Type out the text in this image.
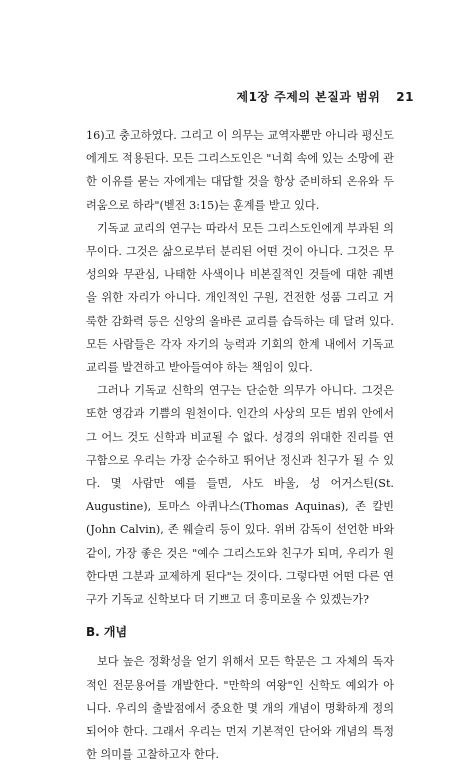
제1장 주제의 본질과 범위 21

16)고 충고하였다. 그리고 이 의무는 교역자뿐만 아니라 평신도에게도 적용된다. 모든 그리스도인은 "너희 속에 있는 소망에 관한 이유를 묻는 자에게는 대답할 것을 항상 준비하되 온유와 두려움으로 하라"(벧전 3:15)는 훈계를 받고 있다.

기독교 교리의 연구는 따라서 모든 그리스도인에게 부과된 의무이다. 그것은 삶으로부터 분리된 어떤 것이 아니다. 그것은 무성의와 무관심, 나태한 사색이나 비본질적인 것들에 대한 궤변을 위한 자리가 아니다. 개인적인 구원, 건전한 성품 그리고 거룩한 감화력 등은 신앙의 올바른 교리를 습득하는 데 달려 있다. 모든 사람들은 각자 자기의 능력과 기회의 한계 내에서 기독교 교리를 발견하고 받아들여야 하는 책임이 있다.

그러나 기독교 신학의 연구는 단순한 의무가 아니다. 그것은 또한 영감과 기쁨의 원천이다. 인간의 사상의 모든 범위 안에서 그 어느 것도 신학과 비교될 수 없다. 성경의 위대한 진리를 연구함으로 우리는 가장 순수하고 뛰어난 정신과 친구가 될 수 있다. 몇 사람만 예를 들면, 사도 바울, 성 어거스틴(St. Augustine), 토마스 아퀴나스(Thomas Aquinas), 존 칼빈(John Calvin), 존 웨슬리 등이 있다. 위버 감독이 선언한 바와 같이, 가장 좋은 것은 "예수 그리스도와 친구가 되며, 우리가 원한다면 그분과 교제하게 된다"는 것이다. 그렇다면 어떤 다른 연구가 기독교 신학보다 더 기쁘고 더 흥미로울 수 있겠는가?

B. 개념

보다 높은 정확성을 얻기 위해서 모든 학문은 그 자체의 독자적인 전문용어를 개발한다. "만학의 여왕"인 신학도 예외가 아니다. 우리의 출발점에서 중요한 몇 개의 개념이 명확하게 정의되어야 한다. 그래서 우리는 먼저 기본적인 단어와 개념의 특정한 의미를 고찰하고자 한다.
